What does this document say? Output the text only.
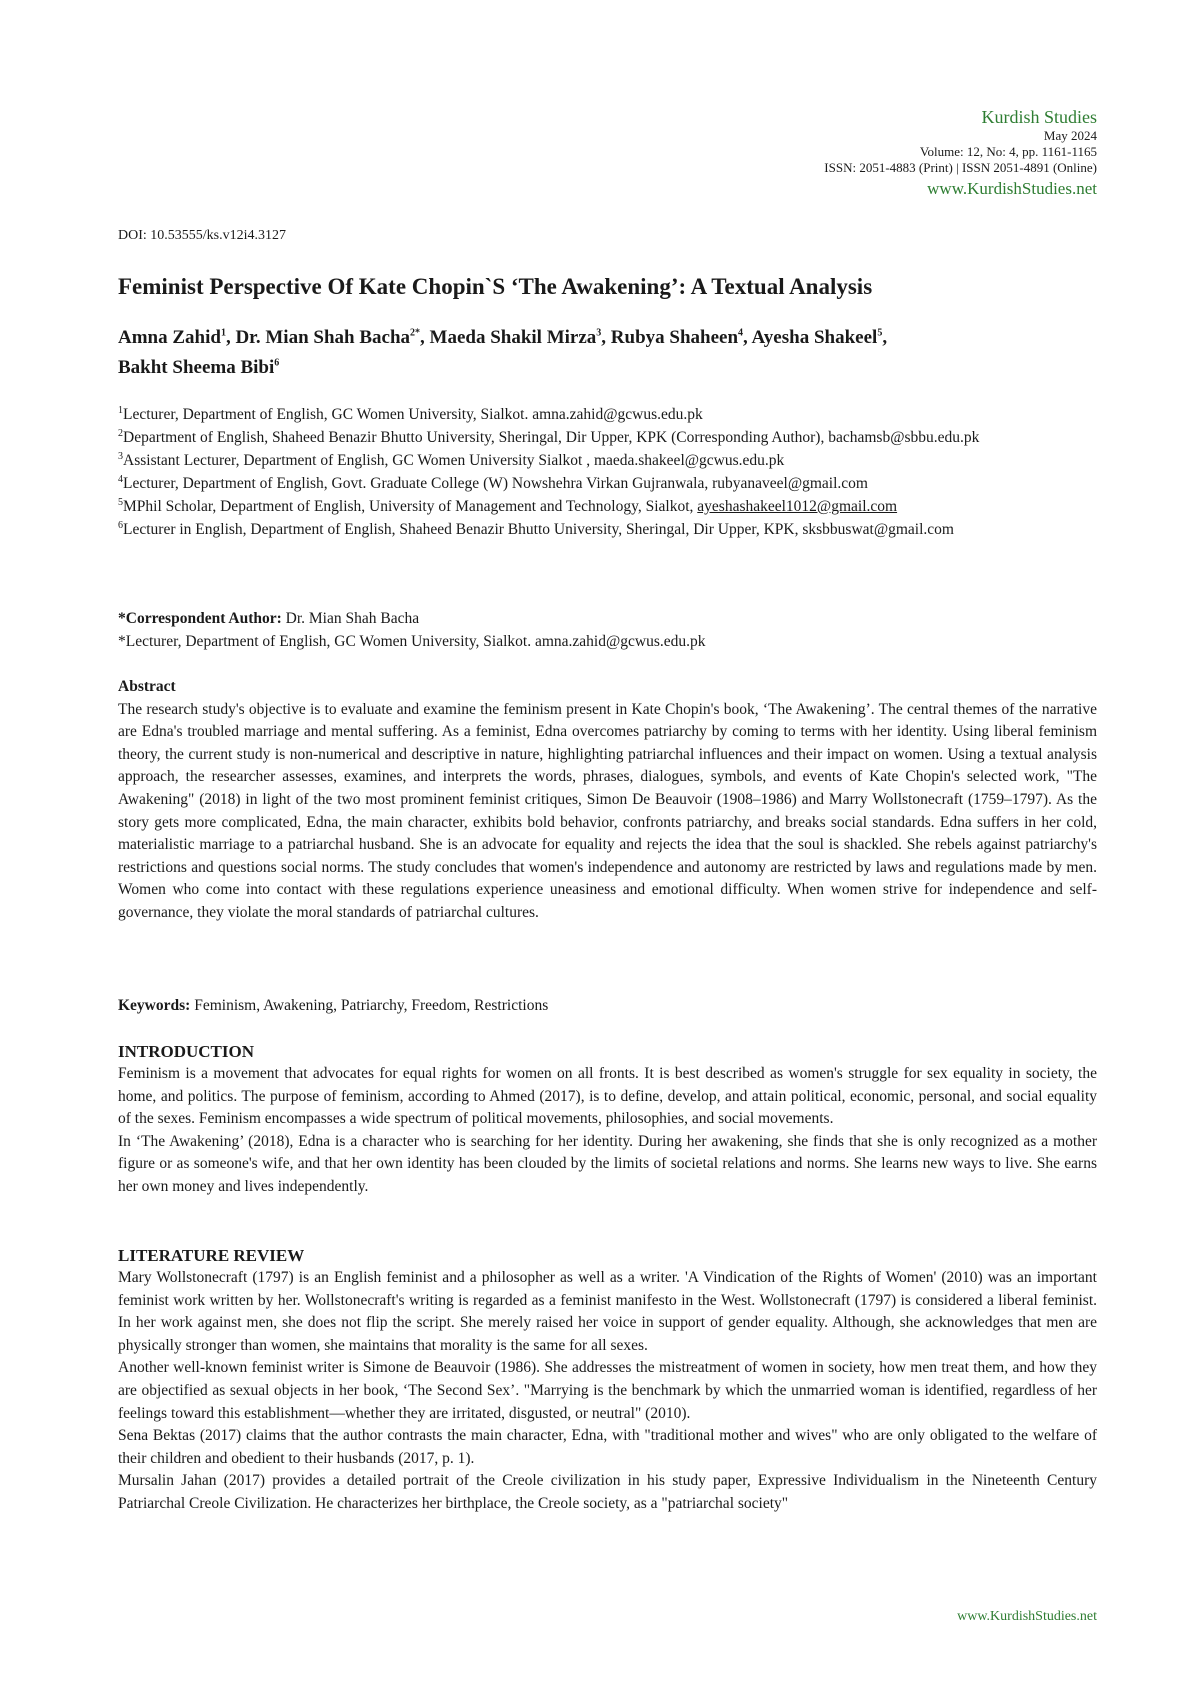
Kurdish Studies
May 2024
Volume: 12, No: 4, pp. 1161-1165
ISSN: 2051-4883 (Print) | ISSN 2051-4891 (Online)
www.KurdishStudies.net
DOI: 10.53555/ks.v12i4.3127
Feminist Perspective Of Kate Chopin`S ‘The Awakening’: A Textual Analysis
Amna Zahid$^1$, Dr. Mian Shah Bacha$^{2*}$, Maeda Shakil Mirza$^3$, Rubya Shaheen$^4$, Ayesha Shakeel$^5$,
Bakht Sheema Bibi$^6$

$^1$Lecturer, Department of English, GC Women University, Sialkot. amna.zahid@gcwus.edu.pk

$^2$Department of English, Shaheed Benazir Bhutto University, Sheringal, Dir Upper, KPK (Corresponding Author), bachamsb@sbbu.edu.pk

$^3$Assistant Lecturer, Department of English, GC Women University Sialkot , maeda.shakeel@gcwus.edu.pk

$^4$Lecturer, Department of English, Govt. Graduate College (W) Nowshehra Virkan Gujranwala, rubyanaveel@gmail.com

$^5$MPhil Scholar, Department of English, University of Management and Technology, Sialkot, ayeshashakeel1012@gmail.com

$^6$Lecturer in English, Department of English, Shaheed Benazir Bhutto University, Sheringal, Dir Upper, KPK, sksbbuswat@gmail.com

*Correspondent Author: Dr. Mian Shah Bacha

*Lecturer, Department of English, GC Women University, Sialkot. amna.zahid@gcwus.edu.pk

Abstract

The research study's objective is to evaluate and examine the feminism present in Kate Chopin's book, ‘The Awakening’. The central themes of the narrative are Edna's troubled marriage and mental suffering. As a feminist, Edna overcomes patriarchy by coming to terms with her identity. Using liberal feminism theory, the current study is non-numerical and descriptive in nature, highlighting patriarchal influences and their impact on women. Using a textual analysis approach, the researcher assesses, examines, and interprets the words, phrases, dialogues, symbols, and events of Kate Chopin's selected work, "The Awakening" (2018) in light of the two most prominent feminist critiques, Simon De Beauvoir (1908–1986) and Marry Wollstonecraft (1759–1797). As the story gets more complicated, Edna, the main character, exhibits bold behavior, confronts patriarchy, and breaks social standards. Edna suffers in her cold, materialistic marriage to a patriarchal husband. She is an advocate for equality and rejects the idea that the soul is shackled. She rebels against patriarchy's restrictions and questions social norms. The study concludes that women's independence and autonomy are restricted by laws and regulations made by men. Women who come into contact with these regulations experience uneasiness and emotional difficulty. When women strive for independence and self-governance, they violate the moral standards of patriarchal cultures.

Keywords: Feminism, Awakening, Patriarchy, Freedom, Restrictions
INTRODUCTION

Feminism is a movement that advocates for equal rights for women on all fronts. It is best described as women's struggle for sex equality in society, the home, and politics. The purpose of feminism, according to Ahmed (2017), is to define, develop, and attain political, economic, personal, and social equality of the sexes. Feminism encompasses a wide spectrum of political movements, philosophies, and social movements.

In ‘The Awakening’ (2018), Edna is a character who is searching for her identity. During her awakening, she finds that she is only recognized as a mother figure or as someone's wife, and that her own identity has been clouded by the limits of societal relations and norms. She learns new ways to live. She earns her own money and lives independently.

LITERATURE REVIEW

Mary Wollstonecraft (1797) is an English feminist and a philosopher as well as a writer. 'A Vindication of the Rights of Women' (2010) was an important feminist work written by her. Wollstonecraft's writing is regarded as a feminist manifesto in the West. Wollstonecraft (1797) is considered a liberal feminist. In her work against men, she does not flip the script. She merely raised her voice in support of gender equality. Although, she acknowledges that men are physically stronger than women, she maintains that morality is the same for all sexes.

Another well-known feminist writer is Simone de Beauvoir (1986). She addresses the mistreatment of women in society, how men treat them, and how they are objectified as sexual objects in her book, ‘The Second Sex’. "Marrying is the benchmark by which the unmarried woman is identified, regardless of her feelings toward this establishment—whether they are irritated, disgusted, or neutral" (2010).

Sena Bektas (2017) claims that the author contrasts the main character, Edna, with "traditional mother and wives" who are only obligated to the welfare of their children and obedient to their husbands (2017, p. 1).

Mursalin Jahan (2017) provides a detailed portrait of the Creole civilization in his study paper, Expressive Individualism in the Nineteenth Century Patriarchal Creole Civilization. He characterizes her birthplace, the Creole society, as a "patriarchal society"

www.KurdishStudies.net
